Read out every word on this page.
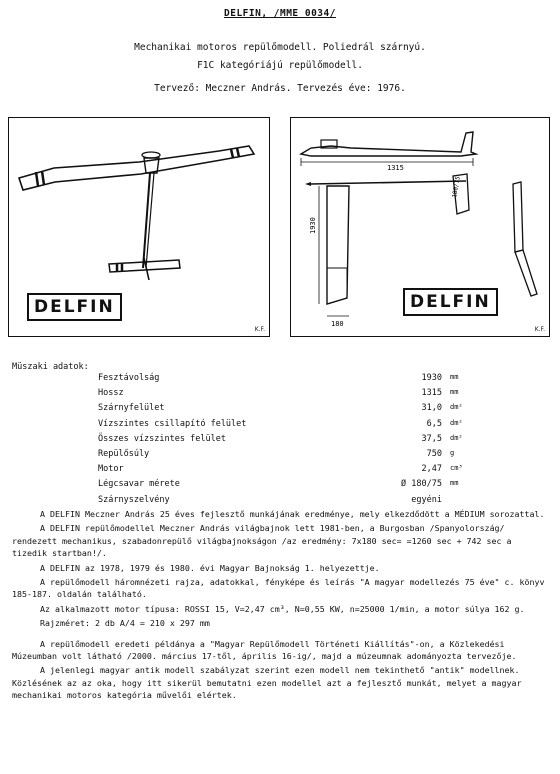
DELFIN, /MME 0034/
Mechanikai motoros repülőmodell. Poliedrál szárnyú.
F1C kategóriájú repülőmodell.
Tervező: Meczner András. Tervezés éve: 1976.
DELFIN
K.F.
1315
180/75
1930
180
DELFIN
K.F.
Müszaki adatok:
Fesztávolság	1930 mm
Hossz	1315 mm
Szárnyfelület	31,0 dm²
Vízszintes csillapító felület	6,5 dm²
Összes vízszintes felület	37,5 dm²
Repülősúly	750 g
Motor	2,47 cm³
Légcsavar mérete	Ø 180/75 mm
Szárnyszelvény	egyéni

A DELFIN Meczner András 25 éves fejlesztő munkájának eredménye, mely elkezdődött a MÉDIUM sorozattal.

A DELFIN repülőmodellel Meczner András világbajnok lett 1981-ben, a Burgosban /Spanyolország/ rendezett mechanikus, szabadonrepülő világbajnokságon /az eredmény: 7x180 sec= =1260 sec + 742 sec a tizedik startban!/.

A DELFIN az 1978, 1979 és 1980. évi Magyar Bajnokság 1. helyezettje.

A repülőmodell háromnézeti rajza, adatokkal, fényképe és leírás "A magyar modellezés 75 éve" c. könyv 185-187. oldalán található.

Az alkalmazott motor típusa: ROSSI 15, V=2,47 cm³, N=0,55 KW, n=25000 1/min, a motor súlya 162 g.

Rajzméret: 2 db A/4 = 210 x 297 mm

A repülőmodell eredeti példánya a "Magyar Repülőmodell Történeti Kiállítás"-on, a Közlekedési Múzeumban volt látható /2000. március 17-től, április 16-ig/, majd a múzeumnak adományozta tervezője.

A jelenlegi magyar antik modell szabályzat szerint ezen modell nem tekinthető "antik" modellnek. Közlésének az az oka, hogy itt sikerül bemutatni ezen modellel azt a fejlesztő munkát, melyet a magyar mechanikai motoros kategória művelői elértek.
